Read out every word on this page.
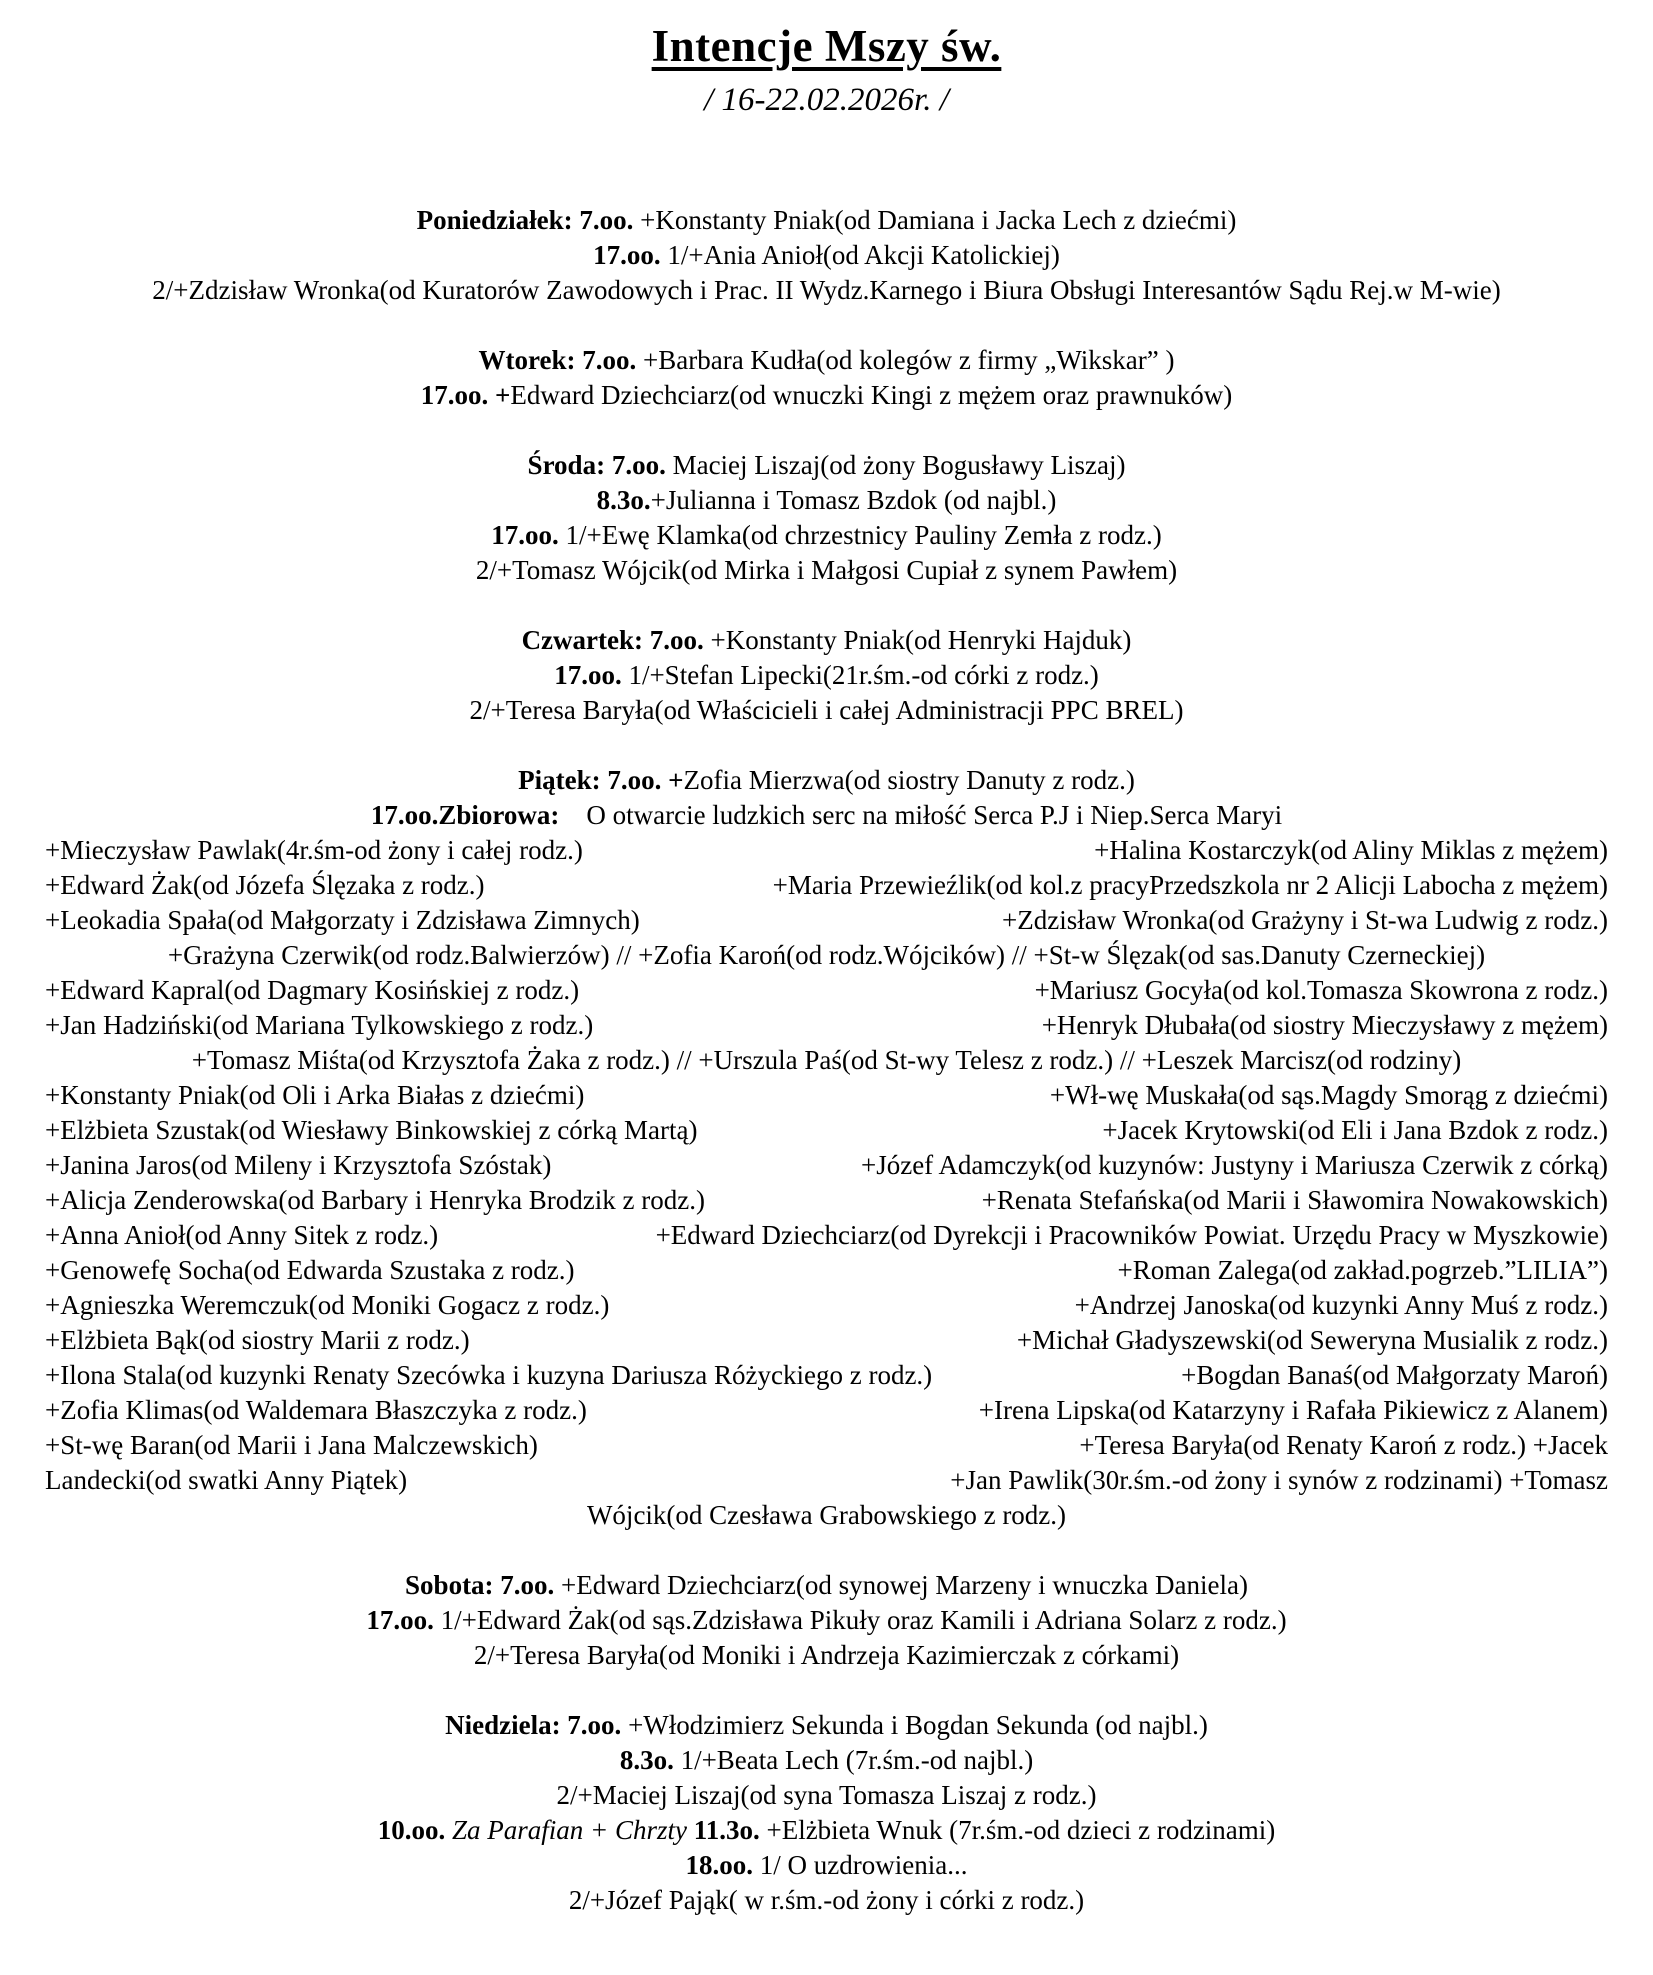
Intencje Mszy św.
/ 16-22.02.2026r. /
Poniedziałek: 7.oo. +Konstanty Pniak(od Damiana i Jacka Lech z dziećmi)
17.oo. 1/+Ania Anioł(od Akcji Katolickiej)
2/+Zdzisław Wronka(od Kuratorów Zawodowych i Prac. II Wydz.Karnego i Biura Obsługi Interesantów Sądu Rej.w M-wie)
Wtorek: 7.oo. +Barbara Kudła(od kolegów z firmy „Wikskar” )
17.oo. +Edward Dziechciarz(od wnuczki Kingi z mężem oraz prawnuków)
Środa: 7.oo. Maciej Liszaj(od żony Bogusławy Liszaj)
8.3o.+Julianna i Tomasz Bzdok (od najbl.)
17.oo. 1/+Ewę Klamka(od chrzestnicy Pauliny Zemła z rodz.)
2/+Tomasz Wójcik(od Mirka i Małgosi Cupiał z synem Pawłem)
Czwartek: 7.oo. +Konstanty Pniak(od Henryki Hajduk)
17.oo. 1/+Stefan Lipecki(21r.śm.-od córki z rodz.)
2/+Teresa Baryła(od Właścicieli i całej Administracji PPC BREL)
Piątek: 7.oo. +Zofia Mierzwa(od siostry Danuty z rodz.)
17.oo.Zbiorowa:    O otwarcie ludzkich serc na miłość Serca P.J i Niep.Serca Maryi
+Mieczysław Pawlak(4r.śm-od żony i całej rodz.)	+Halina Kostarczyk(od Aliny Miklas z mężem)
+Edward Żak(od Józefa Ślęzaka z rodz.)	+Maria Przewieźlik(od kol.z pracyPrzedszkola nr 2 Alicji Labocha z mężem)
+Leokadia Spała(od Małgorzaty i Zdzisława Zimnych)	+Zdzisław Wronka(od Grażyny i St-wa Ludwig z rodz.)
+Grażyna Czerwik(od rodz.Balwierzów) // +Zofia Karoń(od rodz.Wójcików) // +St-w Ślęzak(od sas.Danuty Czerneckiej)
+Edward Kapral(od Dagmary Kosińskiej z rodz.)	+Mariusz Gocyła(od kol.Tomasza Skowrona z rodz.)
+Jan Hadziński(od Mariana Tylkowskiego z rodz.)	+Henryk Dłubała(od siostry Mieczysławy z mężem)
+Tomasz Miśta(od Krzysztofa Żaka z rodz.) // +Urszula Paś(od St-wy Telesz z rodz.) // +Leszek Marcisz(od rodziny)
+Konstanty Pniak(od Oli i Arka Białas z dziećmi)	+Wł-wę Muskała(od sąs.Magdy Smorąg z dziećmi)
+Elżbieta Szustak(od Wiesławy Binkowskiej z córką Martą)	+Jacek Krytowski(od Eli i Jana Bzdok z rodz.)
+Janina Jaros(od Mileny i Krzysztofa Szóstak)	+Józef Adamczyk(od kuzynów: Justyny i Mariusza Czerwik z córką)
+Alicja Zenderowska(od Barbary i Henryka Brodzik z rodz.)	+Renata Stefańska(od Marii i Sławomira Nowakowskich)
+Anna Anioł(od Anny Sitek z rodz.)	+Edward Dziechciarz(od Dyrekcji i Pracowników Powiat. Urzędu Pracy w Myszkowie)
+Genowefę Socha(od Edwarda Szustaka z rodz.)	+Roman Zalega(od zakład.pogrzeb.”LILIA”)
+Agnieszka Weremczuk(od Moniki Gogacz z rodz.)	+Andrzej Janoska(od kuzynki Anny Muś z rodz.)
+Elżbieta Bąk(od siostry Marii z rodz.)	+Michał Gładyszewski(od Seweryna Musialik z rodz.)
+Ilona Stala(od kuzynki Renaty Szecówka i kuzyna Dariusza Różyckiego z rodz.)	+Bogdan Banaś(od Małgorzaty Maroń)
+Zofia Klimas(od Waldemara Błaszczyka z rodz.)	+Irena Lipska(od Katarzyny i Rafała Pikiewicz z Alanem)
+St-wę Baran(od Marii i Jana Malczewskich)	+Teresa Baryła(od Renaty Karoń z rodz.) +Jacek
Landecki(od swatki Anny Piątek)	+Jan Pawlik(30r.śm.-od żony i synów z rodzinami) +Tomasz
Wójcik(od Czesława Grabowskiego z rodz.)
Sobota: 7.oo. +Edward Dziechciarz(od synowej Marzeny i wnuczka Daniela)
17.oo. 1/+Edward Żak(od sąs.Zdzisława Pikuły oraz Kamili i Adriana Solarz z rodz.)
2/+Teresa Baryła(od Moniki i Andrzeja Kazimierczak z córkami)
Niedziela: 7.oo. +Włodzimierz Sekunda i Bogdan Sekunda (od najbl.)
8.3o. 1/+Beata Lech (7r.śm.-od najbl.)
2/+Maciej Liszaj(od syna Tomasza Liszaj z rodz.)
10.oo. Za Parafian + Chrzty 11.3o. +Elżbieta Wnuk (7r.śm.-od dzieci z rodzinami)
18.oo. 1/ O uzdrowienia...
2/+Józef Pająk( w r.śm.-od żony i córki z rodz.)
